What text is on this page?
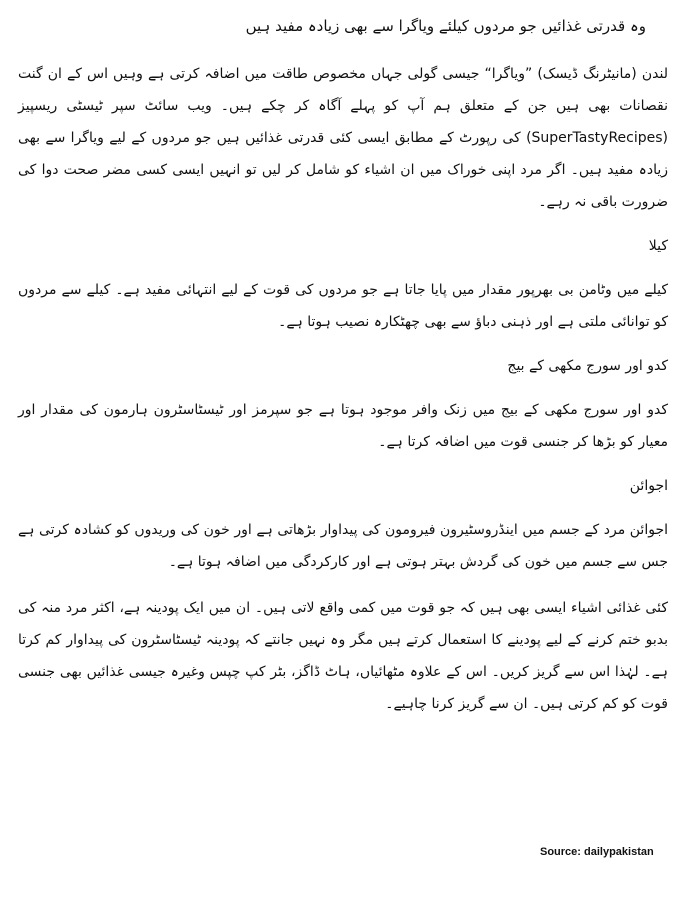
وہ قدرتی غذائیں جو مردوں کیلئے ویاگرا سے بھی زیادہ مفید ہیں

لندن (مانیٹرنگ ڈیسک) ”ویاگرا“ جیسی گولی جہاں مخصوص طاقت میں اضافہ کرتی ہے وہیں اس کے ان گنت نقصانات بھی ہیں جن کے متعلق ہم آپ کو پہلے آگاہ کر چکے ہیں۔ ویب سائٹ سپر ٹیسٹی ریسپیز (SuperTastyRecipes) کی رپورٹ کے مطابق ایسی کئی قدرتی غذائیں ہیں جو مردوں کے لیے ویاگرا سے بھی زیادہ مفید ہیں۔ اگر مرد اپنی خوراک میں ان اشیاء کو شامل کر لیں تو انہیں ایسی کسی مضر صحت دوا کی ضرورت باقی نہ رہے۔

کیلا

کیلے میں وٹامن بی بھرپور مقدار میں پایا جاتا ہے جو مردوں کی قوت کے لیے انتہائی مفید ہے۔ کیلے سے مردوں کو توانائی ملتی ہے اور ذہنی دباؤ سے بھی چھٹکارہ نصیب ہوتا ہے۔

کدو اور سورج مکھی کے بیج

کدو اور سورج مکھی کے بیج میں زنک وافر موجود ہوتا ہے جو سپرمز اور ٹیسٹاسٹرون ہارمون کی مقدار اور معیار کو بڑھا کر جنسی قوت میں اضافہ کرتا ہے۔

اجوائن

اجوائن مرد کے جسم میں اینڈروسٹیرون فیرومون کی پیداوار بڑھاتی ہے اور خون کی وریدوں کو کشادہ کرتی ہے جس سے جسم میں خون کی گردش بہتر ہوتی ہے اور کارکردگی میں اضافہ ہوتا ہے۔

کئی غذائی اشیاء ایسی بھی ہیں کہ جو قوت میں کمی واقع لاتی ہیں۔ ان میں ایک پودینہ ہے، اکثر مرد منہ کی بدبو ختم کرنے کے لیے پودینے کا استعمال کرتے ہیں مگر وہ نہیں جانتے کہ پودینہ ٹیسٹاسٹرون کی پیداوار کم کرتا ہے۔ لہٰذا اس سے گریز کریں۔ اس کے علاوہ مٹھائیاں، ہاٹ ڈاگز، بٹر کپ چپس وغیرہ جیسی غذائیں بھی جنسی قوت کو کم کرتی ہیں۔ ان سے گریز کرنا چاہیے۔

Source: dailypakistan
